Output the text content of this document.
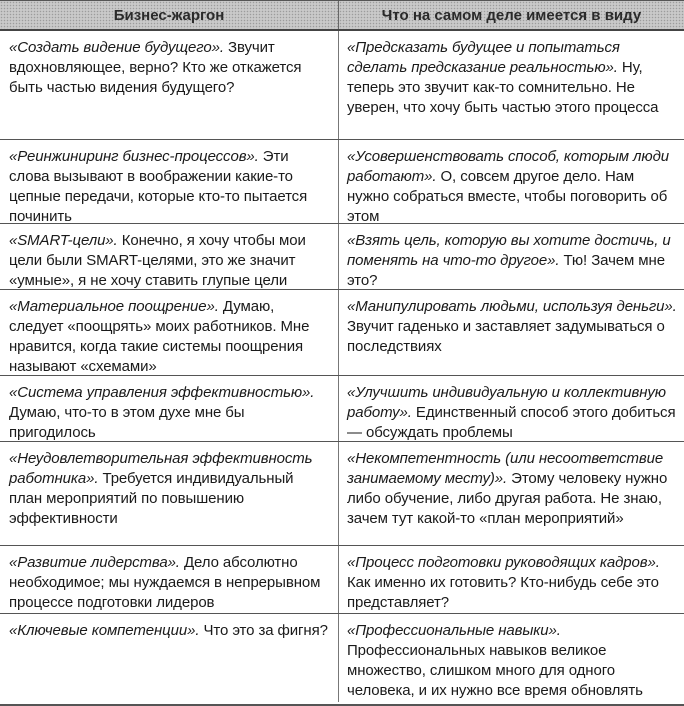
Бизнес-жаргон	Что на самом деле имеется в виду
«Создать видение будущего». Звучит вдохновляющее, верно? Кто же откажется быть частью видения будущего?
«Предсказать будущее и попытаться сделать предсказание реальностью». Ну, теперь это звучит как-то сомнительно. Не уверен, что хочу быть частью этого процесса
«Реинжиниринг бизнес-процессов». Эти слова вызывают в воображении какие-то цепные передачи, которые кто-то пытается починить
«Усовершенствовать способ, которым люди работают». О, совсем другое дело. Нам нужно собраться вместе, чтобы поговорить об этом
«SMART-цели». Конечно, я хочу чтобы мои цели были SMART-целями, это же значит «умные», я не хочу ставить глупые цели
«Взять цель, которую вы хотите достичь, и поменять на что-то другое». Тю! Зачем мне это?
«Материальное поощрение». Думаю, следует «поощрять» моих работников. Мне нравится, когда такие системы поощрения называют «схемами»
«Манипулировать людьми, используя деньги». Звучит гаденько и заставляет задумываться о последствиях
«Система управления эффективностью». Думаю, что-то в этом духе мне бы пригодилось
«Улучшить индивидуальную и коллективную работу». Единственный способ этого добиться — обсуждать проблемы
«Неудовлетворительная эффективность работника». Требуется индивидуальный план мероприятий по повышению эффективности
«Некомпетентность (или несоответствие занимаемому месту)». Этому человеку нужно либо обучение, либо другая работа. Не знаю, зачем тут какой-то «план мероприятий»
«Развитие лидерства». Дело абсолютно необходимое; мы нуждаемся в непрерывном процессе подготовки лидеров
«Процесс подготовки руководящих кадров». Как именно их готовить? Кто-нибудь себе это представляет?
«Ключевые компетенции». Что это за фигня?	«Профессиональные навыки». Профессиональных навыков великое множество, слишком много для одного человека, и их нужно все время обновлять
